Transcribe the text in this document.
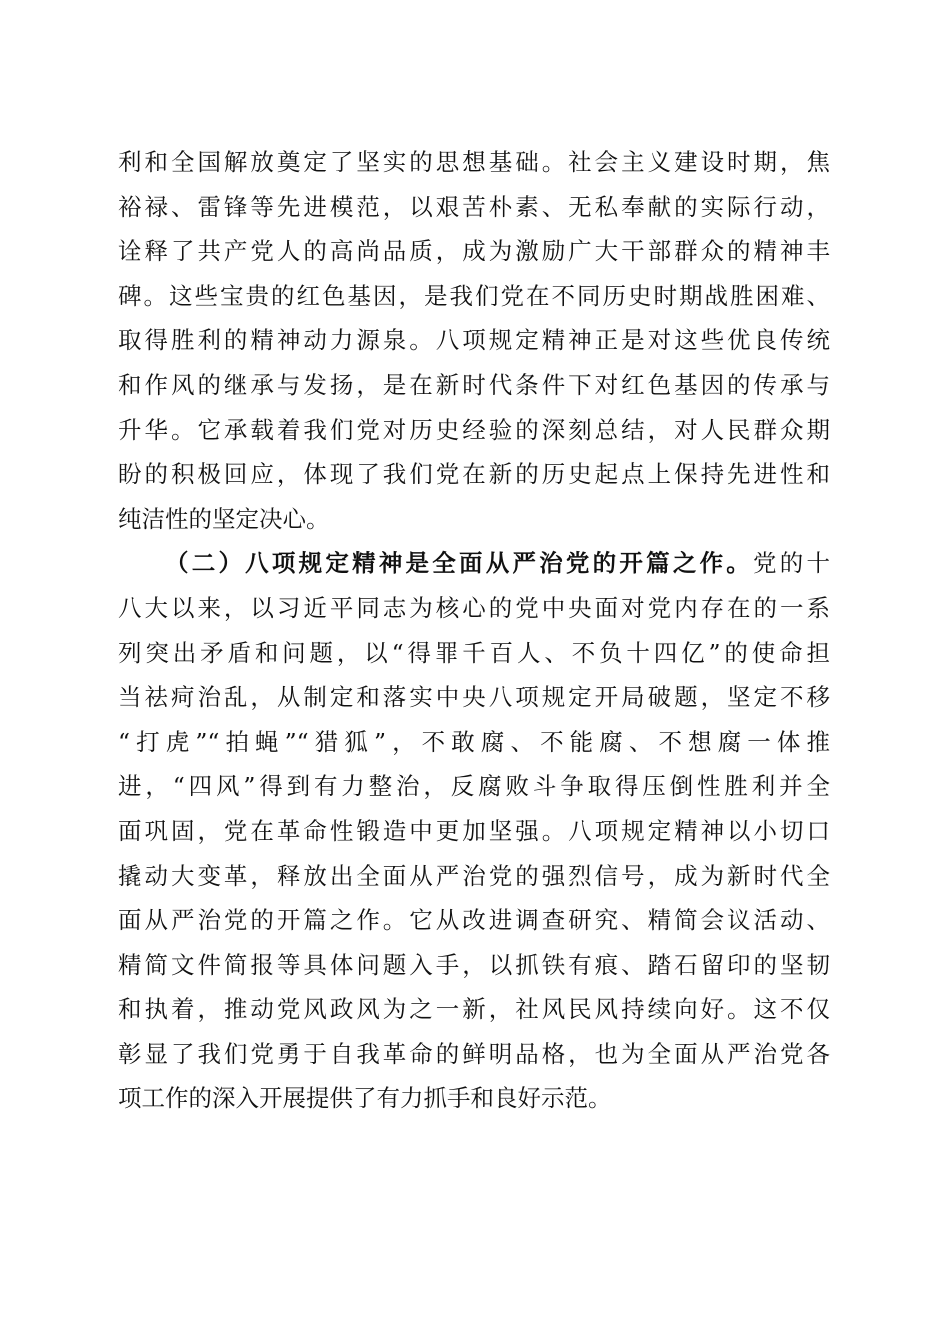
利和全国解放奠定了坚实的思想基础。社会主义建设时期，焦
裕禄、雷锋等先进模范，以艰苦朴素、无私奉献的实际行动，
诠释了共产党人的高尚品质，成为激励广大干部群众的精神丰
碑。这些宝贵的红色基因，是我们党在不同历史时期战胜困难、
取得胜利的精神动力源泉。八项规定精神正是对这些优良传统
和作风的继承与发扬，是在新时代条件下对红色基因的传承与
升华。它承载着我们党对历史经验的深刻总结，对人民群众期
盼的积极回应，体现了我们党在新的历史起点上保持先进性和
纯洁性的坚定决心。
（二）八项规定精神是全面从严治党的开篇之作。党的十
八大以来，以习近平同志为核心的党中央面对党内存在的一系
列突出矛盾和问题，以“得罪千百人、不负十四亿”的使命担
当祛疴治乱，从制定和落实中央八项规定开局破题，坚定不移
“打虎”“拍蝇”“猎狐”，不敢腐、不能腐、不想腐一体推
进，“四风”得到有力整治，反腐败斗争取得压倒性胜利并全
面巩固，党在革命性锻造中更加坚强。八项规定精神以小切口
撬动大变革，释放出全面从严治党的强烈信号，成为新时代全
面从严治党的开篇之作。它从改进调查研究、精简会议活动、
精简文件简报等具体问题入手，以抓铁有痕、踏石留印的坚韧
和执着，推动党风政风为之一新，社风民风持续向好。这不仅
彰显了我们党勇于自我革命的鲜明品格，也为全面从严治党各
项工作的深入开展提供了有力抓手和良好示范。
